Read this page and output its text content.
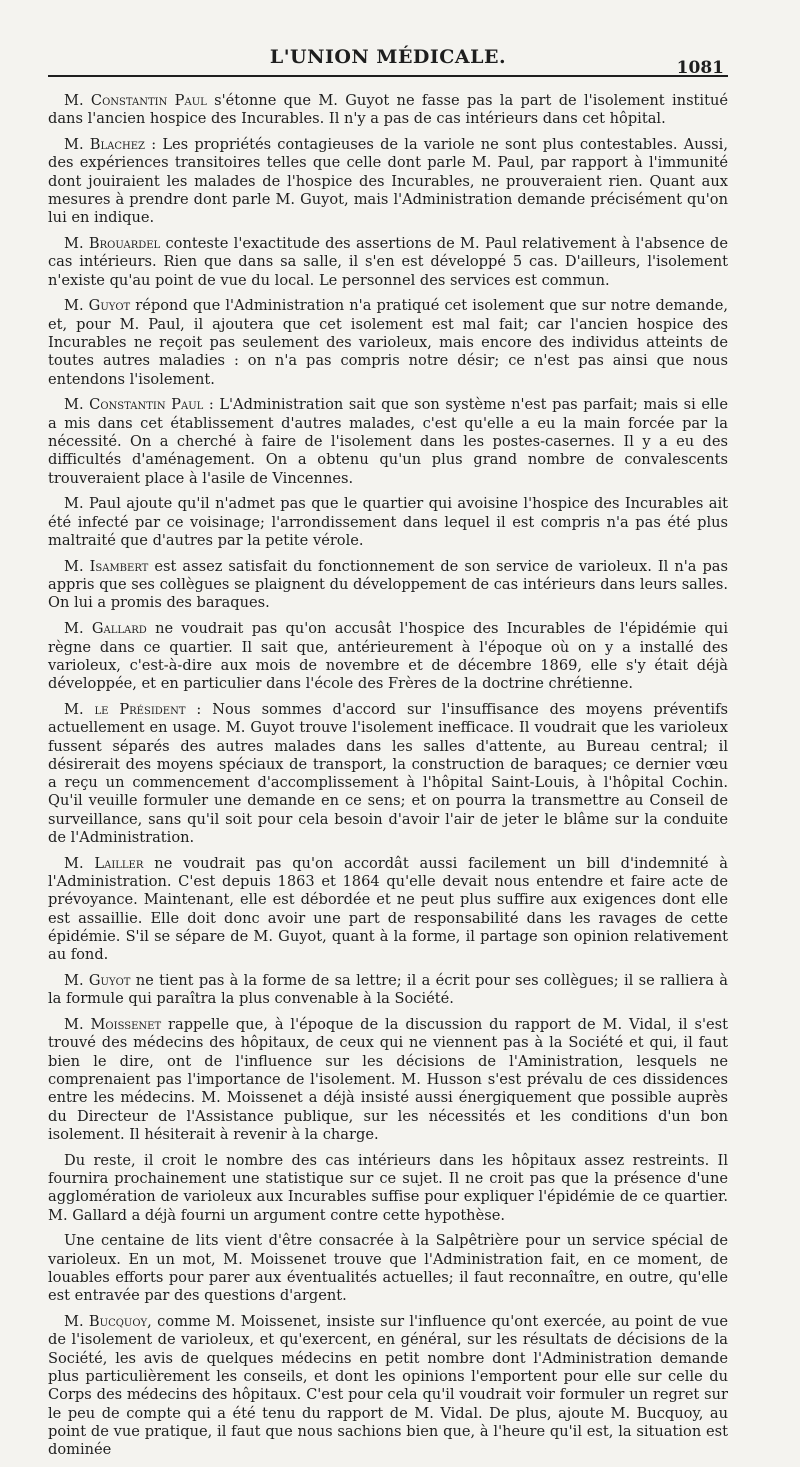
L'UNION MÉDICALE.	1081

M. Constantin Paul s'étonne que M. Guyot ne fasse pas la part de l'isolement institué dans l'ancien hospice des Incurables. Il n'y a pas de cas intérieurs dans cet hôpital.

M. Blachez : Les propriétés contagieuses de la variole ne sont plus contestables. Aussi, des expériences transitoires telles que celle dont parle M. Paul, par rapport à l'immunité dont jouiraient les malades de l'hospice des Incurables, ne prouveraient rien. Quant aux mesures à prendre dont parle M. Guyot, mais l'Administration demande précisément qu'on lui en indique.

M. Brouardel conteste l'exactitude des assertions de M. Paul relativement à l'absence de cas intérieurs. Rien que dans sa salle, il s'en est développé 5 cas. D'ailleurs, l'isolement n'existe qu'au point de vue du local. Le personnel des services est commun.

M. Guyot répond que l'Administration n'a pratiqué cet isolement que sur notre demande, et, pour M. Paul, il ajoutera que cet isolement est mal fait; car l'ancien hospice des Incurables ne reçoit pas seulement des varioleux, mais encore des individus atteints de toutes autres maladies : on n'a pas compris notre désir; ce n'est pas ainsi que nous entendons l'isolement.

M. Constantin Paul : L'Administration sait que son système n'est pas parfait; mais si elle a mis dans cet établissement d'autres malades, c'est qu'elle a eu la main forcée par la nécessité. On a cherché à faire de l'isolement dans les postes-casernes. Il y a eu des difficultés d'aménagement. On a obtenu qu'un plus grand nombre de convalescents trouveraient place à l'asile de Vincennes.

M. Paul ajoute qu'il n'admet pas que le quartier qui avoisine l'hospice des Incurables ait été infecté par ce voisinage; l'arrondissement dans lequel il est compris n'a pas été plus maltraité que d'autres par la petite vérole.

M. Isambert est assez satisfait du fonctionnement de son service de varioleux. Il n'a pas appris que ses collègues se plaignent du développement de cas intérieurs dans leurs salles. On lui a promis des baraques.

M. Gallard ne voudrait pas qu'on accusât l'hospice des Incurables de l'épidémie qui règne dans ce quartier. Il sait que, antérieurement à l'époque où on y a installé des varioleux, c'est-à-dire aux mois de novembre et de décembre 1869, elle s'y était déjà développée, et en particulier dans l'école des Frères de la doctrine chrétienne.

M. le Président : Nous sommes d'accord sur l'insuffisance des moyens préventifs actuellement en usage. M. Guyot trouve l'isolement inefficace. Il voudrait que les varioleux fussent séparés des autres malades dans les salles d'attente, au Bureau central; il désirerait des moyens spéciaux de transport, la construction de baraques; ce dernier vœu a reçu un commencement d'accomplissement à l'hôpital Saint-Louis, à l'hôpital Cochin. Qu'il veuille formuler une demande en ce sens; et on pourra la transmettre au Conseil de surveillance, sans qu'il soit pour cela besoin d'avoir l'air de jeter le blâme sur la conduite de l'Administration.

M. Lailler ne voudrait pas qu'on accordât aussi facilement un bill d'indemnité à l'Administration. C'est depuis 1863 et 1864 qu'elle devait nous entendre et faire acte de prévoyance. Maintenant, elle est débordée et ne peut plus suffire aux exigences dont elle est assaillie. Elle doit donc avoir une part de responsabilité dans les ravages de cette épidémie. S'il se sépare de M. Guyot, quant à la forme, il partage son opinion relativement au fond.

M. Guyot ne tient pas à la forme de sa lettre; il a écrit pour ses collègues; il se ralliera à la formule qui paraîtra la plus convenable à la Société.

M. Moissenet rappelle que, à l'époque de la discussion du rapport de M. Vidal, il s'est trouvé des médecins des hôpitaux, de ceux qui ne viennent pas à la Société et qui, il faut bien le dire, ont de l'influence sur les décisions de l'Aministration, lesquels ne comprenaient pas l'importance de l'isolement. M. Husson s'est prévalu de ces dissidences entre les médecins. M. Moissenet a déjà insisté aussi énergiquement que possible auprès du Directeur de l'Assistance publique, sur les nécessités et les conditions d'un bon isolement. Il hésiterait à revenir à la charge.

Du reste, il croit le nombre des cas intérieurs dans les hôpitaux assez restreints. Il fournira prochainement une statistique sur ce sujet. Il ne croit pas que la présence d'une agglomération de varioleux aux Incurables suffise pour expliquer l'épidémie de ce quartier. M. Gallard a déjà fourni un argument contre cette hypothèse.

Une centaine de lits vient d'être consacrée à la Salpêtrière pour un service spécial de varioleux. En un mot, M. Moissenet trouve que l'Administration fait, en ce moment, de louables efforts pour parer aux éventualités actuelles; il faut reconnaître, en outre, qu'elle est entravée par des questions d'argent.

M. Bucquoy, comme M. Moissenet, insiste sur l'influence qu'ont exercée, au point de vue de l'isolement de varioleux, et qu'exercent, en général, sur les résultats de décisions de la Société, les avis de quelques médecins en petit nombre dont l'Administration demande plus particulièrement les conseils, et dont les opinions l'emportent pour elle sur celle du Corps des médecins des hôpitaux. C'est pour cela qu'il voudrait voir formuler un regret sur le peu de compte qui a été tenu du rapport de M. Vidal. De plus, ajoute M. Bucquoy, au point de vue pratique, il faut que nous sachions bien que, à l'heure qu'il est, la situation est dominée
